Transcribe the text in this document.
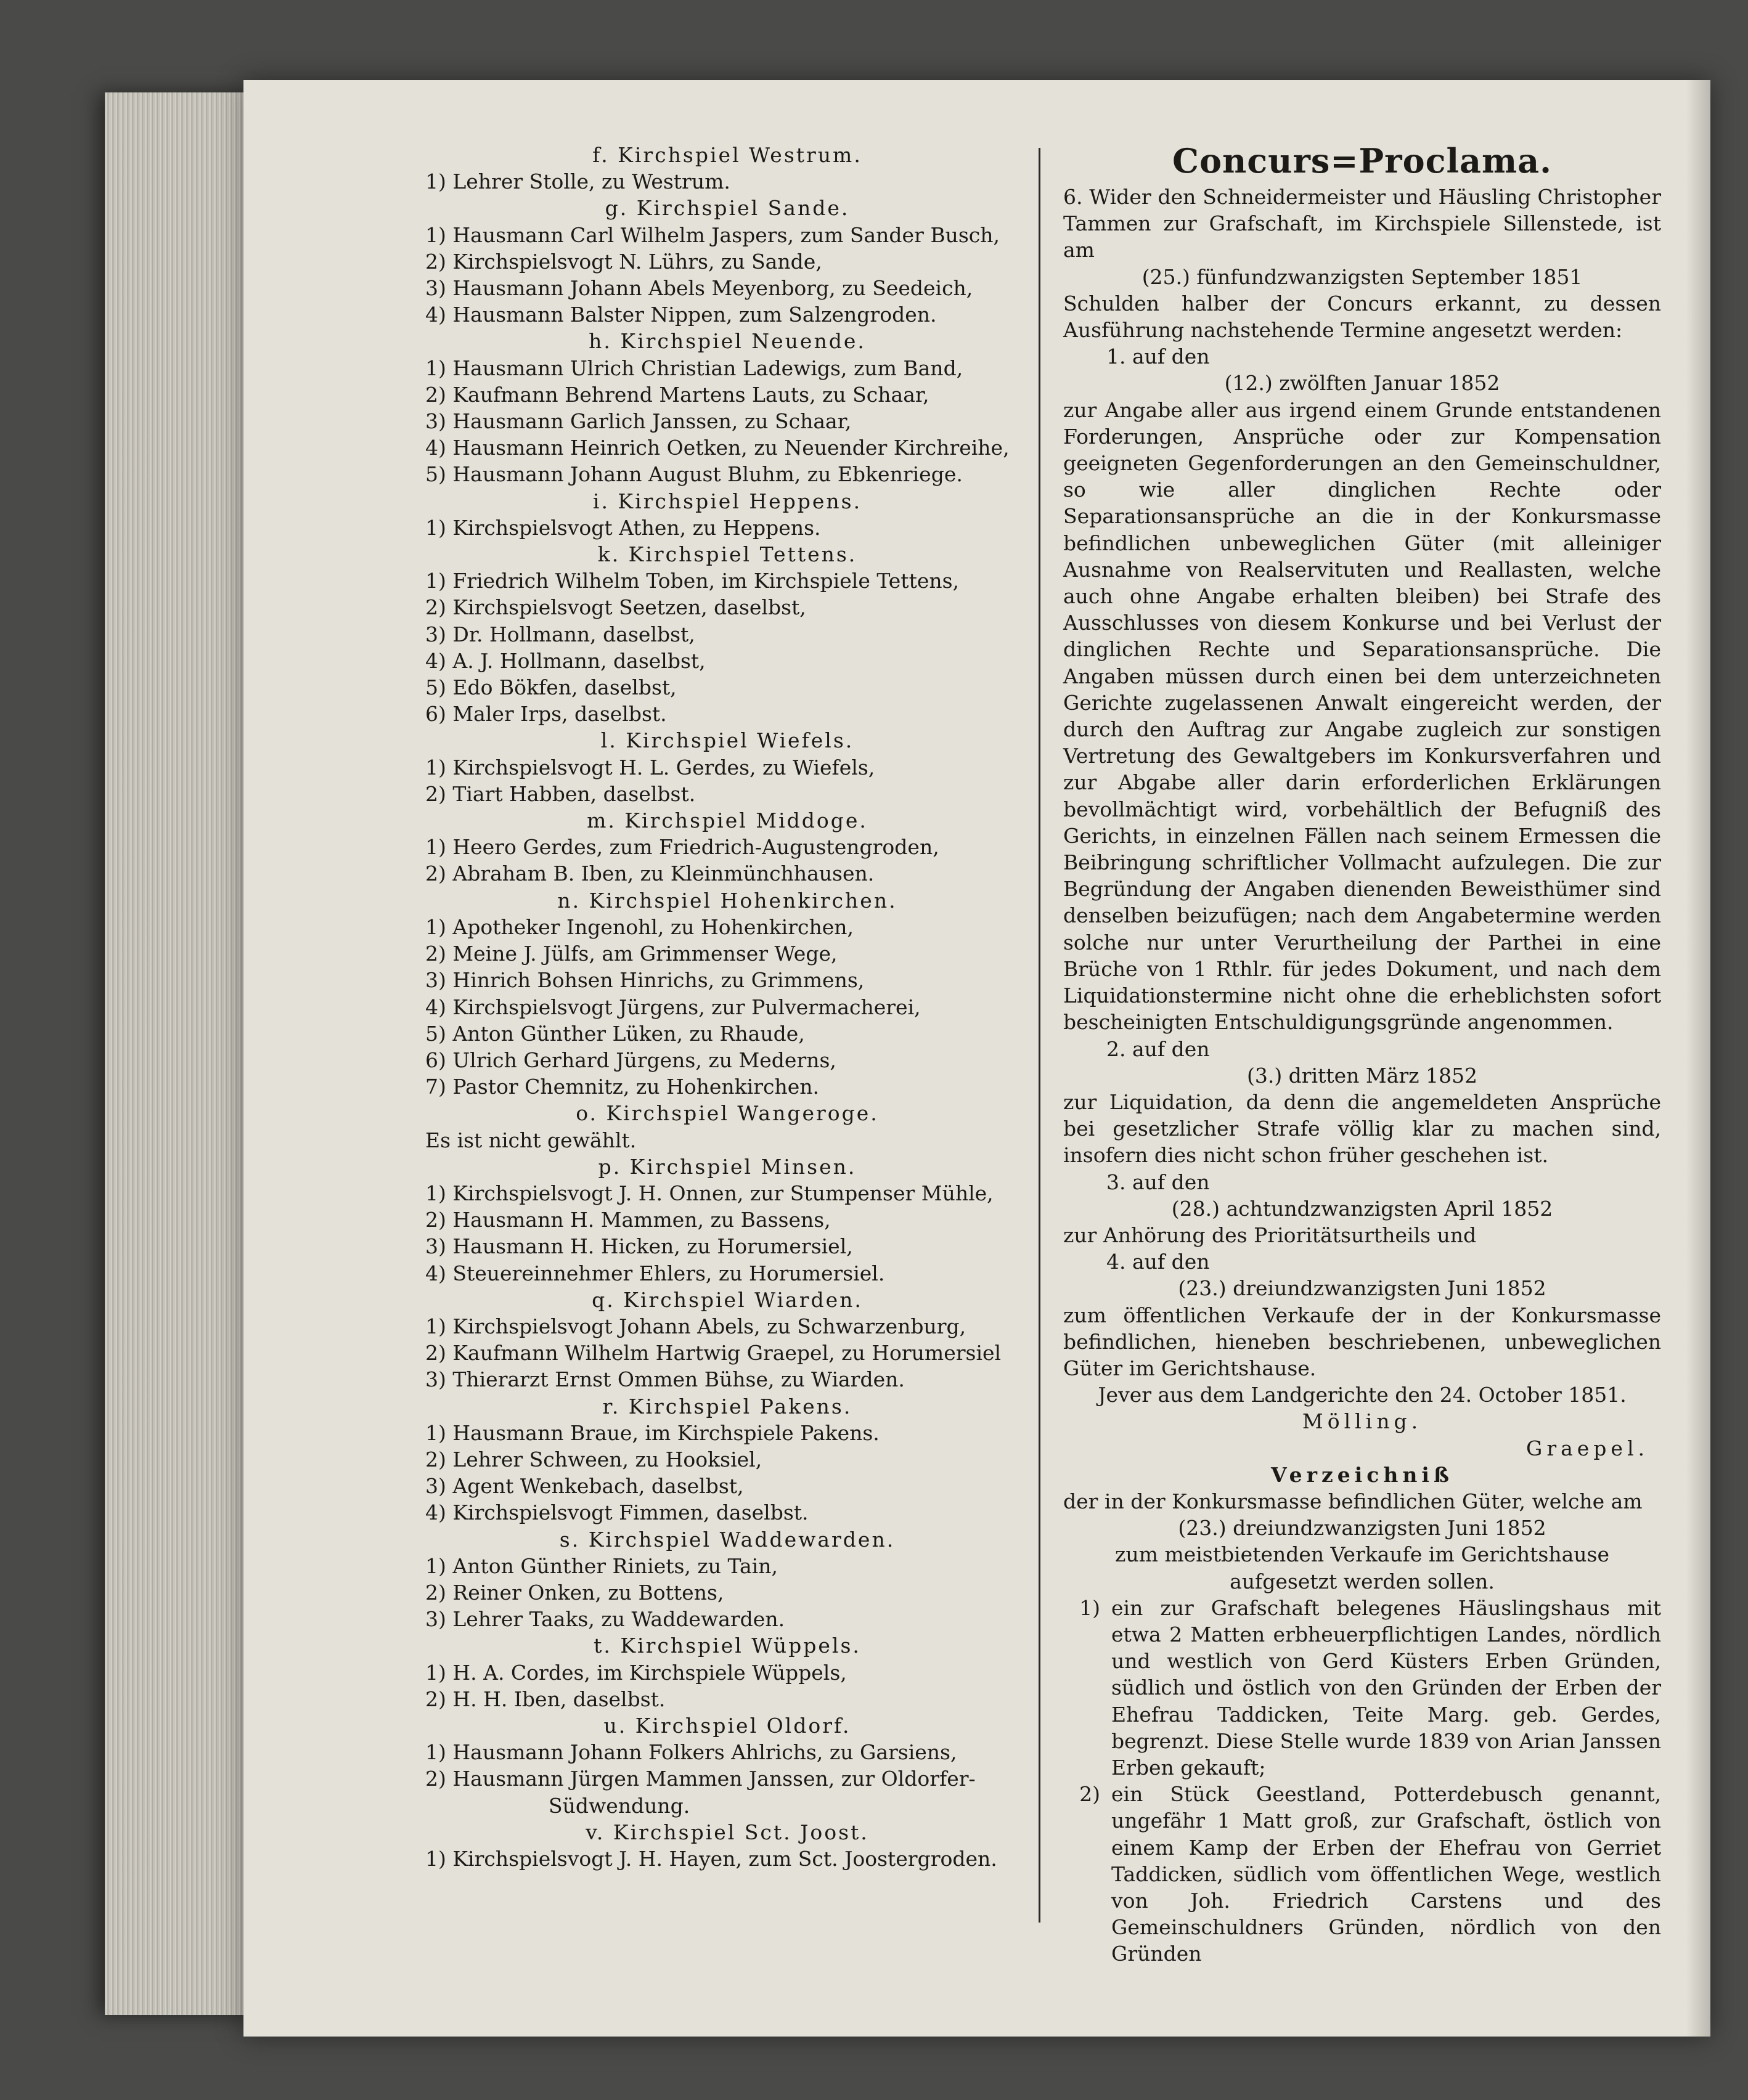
f. Kirchspiel Westrum.
1) Lehrer Stolle, zu Westrum.
g. Kirchspiel Sande.
1) Hausmann Carl Wilhelm Jaspers, zum Sander Busch,
2) Kirchspielsvogt N. Lührs, zu Sande,
3) Hausmann Johann Abels Meyenborg, zu Seedeich,
4) Hausmann Balster Nippen, zum Salzengroden.
h. Kirchspiel Neuende.
1) Hausmann Ulrich Christian Ladewigs, zum Band,
2) Kaufmann Behrend Martens Lauts, zu Schaar,
3) Hausmann Garlich Janssen, zu Schaar,
4) Hausmann Heinrich Oetken, zu Neuender Kirchreihe,
5) Hausmann Johann August Bluhm, zu Ebkenriege.
i. Kirchspiel Heppens.
1) Kirchspielsvogt Athen, zu Heppens.
k. Kirchspiel Tettens.
1) Friedrich Wilhelm Toben, im Kirchspiele Tettens,
2) Kirchspielsvogt Seetzen, daselbst,
3) Dr. Hollmann, daselbst,
4) A. J. Hollmann, daselbst,
5) Edo Bökfen, daselbst,
6) Maler Irps, daselbst.
l. Kirchspiel Wiefels.
1) Kirchspielsvogt H. L. Gerdes, zu Wiefels,
2) Tiart Habben, daselbst.
m. Kirchspiel Middoge.
1) Heero Gerdes, zum Friedrich-Augustengroden,
2) Abraham B. Iben, zu Kleinmünchhausen.
n. Kirchspiel Hohenkirchen.
1) Apotheker Ingenohl, zu Hohenkirchen,
2) Meine J. Jülfs, am Grimmenser Wege,
3) Hinrich Bohsen Hinrichs, zu Grimmens,
4) Kirchspielsvogt Jürgens, zur Pulvermacherei,
5) Anton Günther Lüken, zu Rhaude,
6) Ulrich Gerhard Jürgens, zu Mederns,
7) Pastor Chemnitz, zu Hohenkirchen.
o. Kirchspiel Wangeroge.
Es ist nicht gewählt.
p. Kirchspiel Minsen.
1) Kirchspielsvogt J. H. Onnen, zur Stumpenser Mühle,
2) Hausmann H. Mammen, zu Bassens,
3) Hausmann H. Hicken, zu Horumersiel,
4) Steuereinnehmer Ehlers, zu Horumersiel.
q. Kirchspiel Wiarden.
1) Kirchspielsvogt Johann Abels, zu Schwarzenburg,
2) Kaufmann Wilhelm Hartwig Graepel, zu Horumersiel
3) Thierarzt Ernst Ommen Bühse, zu Wiarden.
r. Kirchspiel Pakens.
1) Hausmann Braue, im Kirchspiele Pakens.
2) Lehrer Schween, zu Hooksiel,
3) Agent Wenkebach, daselbst,
4) Kirchspielsvogt Fimmen, daselbst.
s. Kirchspiel Waddewarden.
1) Anton Günther Riniets, zu Tain,
2) Reiner Onken, zu Bottens,
3) Lehrer Taaks, zu Waddewarden.
t. Kirchspiel Wüppels.
1) H. A. Cordes, im Kirchspiele Wüppels,
2) H. H. Iben, daselbst.
u. Kirchspiel Oldorf.
1) Hausmann Johann Folkers Ahlrichs, zu Garsiens,
2) Hausmann Jürgen Mammen Janssen, zur Oldorfer-
Südwendung.
v. Kirchspiel Sct. Joost.
1) Kirchspielsvogt J. H. Hayen, zum Sct. Joostergroden.
Concurs=Proclama.
6. Wider den Schneidermeister und Häusling Christopher Tammen zur Grafschaft, im Kirchspiele Sillenstede, ist am
(25.) fünfundzwanzigsten September 1851
Schulden halber der Concurs erkannt, zu dessen Ausführung nachstehende Termine angesetzt werden:
1. auf den
(12.) zwölften Januar 1852
zur Angabe aller aus irgend einem Grunde entstandenen Forderungen, Ansprüche oder zur Kompensation geeigneten Gegenforderungen an den Gemeinschuldner, so wie aller dinglichen Rechte oder Separationsansprüche an die in der Konkursmasse befindlichen unbeweglichen Güter (mit alleiniger Ausnahme von Realservituten und Reallasten, welche auch ohne Angabe erhalten bleiben) bei Strafe des Ausschlusses von diesem Konkurse und bei Verlust der dinglichen Rechte und Separationsansprüche. Die Angaben müssen durch einen bei dem unterzeichneten Gerichte zugelassenen Anwalt eingereicht werden, der durch den Auftrag zur Angabe zugleich zur sonstigen Vertretung des Gewaltgebers im Konkursverfahren und zur Abgabe aller darin erforderlichen Erklärungen bevollmächtigt wird, vorbehältlich der Befugniß des Gerichts, in einzelnen Fällen nach seinem Ermessen die Beibringung schriftlicher Vollmacht aufzulegen. Die zur Begründung der Angaben dienenden Beweisthümer sind denselben beizufügen; nach dem Angabetermine werden solche nur unter Verurtheilung der Parthei in eine Brüche von 1 Rthlr. für jedes Dokument, und nach dem Liquidationstermine nicht ohne die erheblichsten sofort bescheinigten Entschuldigungsgründe angenommen.
2. auf den
(3.) dritten März 1852
zur Liquidation, da denn die angemeldeten Ansprüche bei gesetzlicher Strafe völlig klar zu machen sind, insofern dies nicht schon früher geschehen ist.
3. auf den
(28.) achtundzwanzigsten April 1852
zur Anhörung des Prioritätsurtheils und
4. auf den
(23.) dreiundzwanzigsten Juni 1852
zum öffentlichen Verkaufe der in der Konkursmasse befindlichen, hieneben beschriebenen, unbeweglichen Güter im Gerichtshause.
Jever aus dem Landgerichte den 24. October 1851.
Mölling.
Graepel.
Verzeichniß
der in der Konkursmasse befindlichen Güter, welche am
(23.) dreiundzwanzigsten Juni 1852
zum meistbietenden Verkaufe im Gerichtshause aufgesetzt werden sollen.
1) ein zur Grafschaft belegenes Häuslingshaus mit etwa 2 Matten erbheuerpflichtigen Landes, nördlich und westlich von Gerd Küsters Erben Gründen, südlich und östlich von den Gründen der Erben der Ehefrau Taddicken, Teite Marg. geb. Gerdes, begrenzt. Diese Stelle wurde 1839 von Arian Janssen Erben gekauft;
2) ein Stück Geestland, Potterdebusch genannt, ungefähr 1 Matt groß, zur Grafschaft, östlich von einem Kamp der Erben der Ehefrau von Gerriet Taddicken, südlich vom öffentlichen Wege, westlich von Joh. Friedrich Carstens und des Gemeinschuldners Gründen, nördlich von den Gründen
